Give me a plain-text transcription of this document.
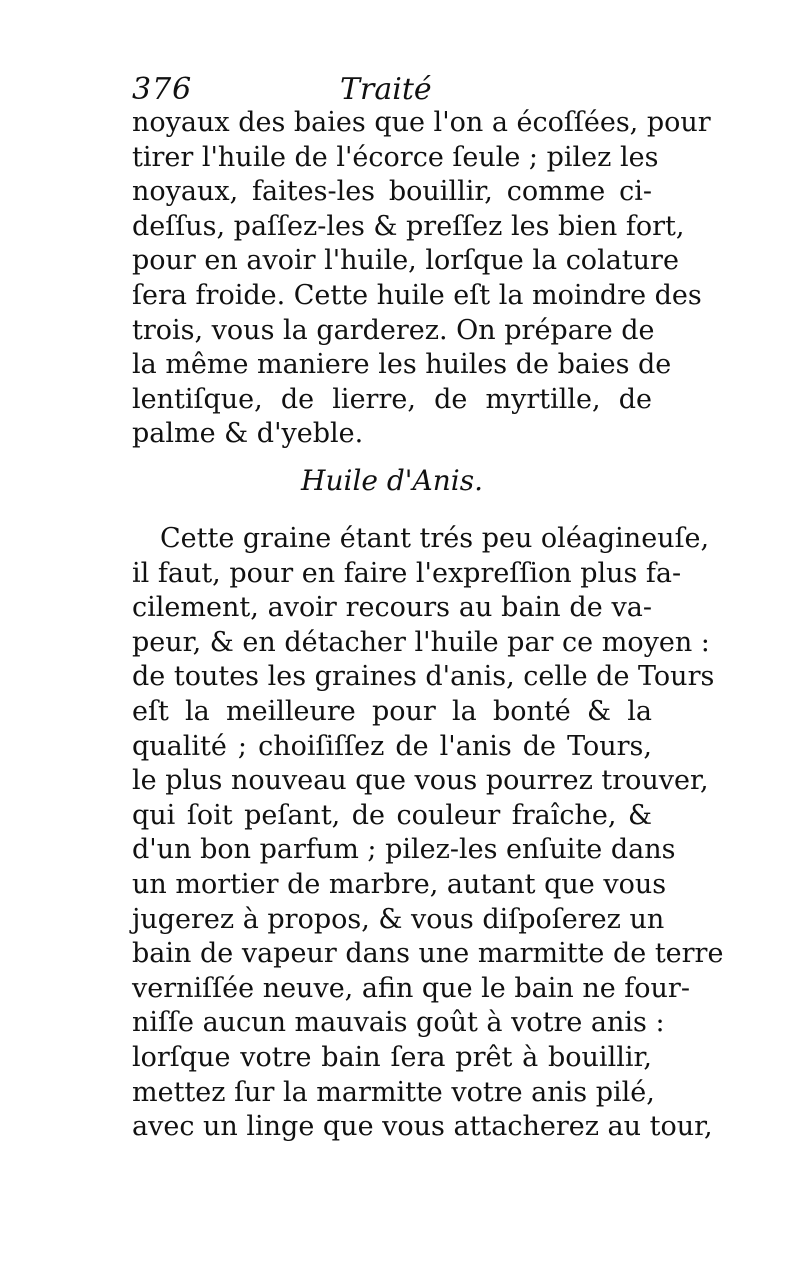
376	Traité
noyaux des baies que l'on a écoſſées, pour
tirer l'huile de l'écorce ſeule ; pilez les
noyaux, faites-les bouillir, comme ci-
deſſus, paſſez-les & preſſez les bien fort,
pour en avoir l'huile, lorſque la colature
ſera froide. Cette huile eſt la moindre des
trois, vous la garderez. On prépare de
la même maniere les huiles de baies de
lentiſque, de lierre, de myrtille, de
palme & d'yeble.
Huile d'Anis.
Cette graine étant trés peu oléagineuſe,
il faut, pour en faire l'expreſſion plus fa-
cilement, avoir recours au bain de va-
peur, & en détacher l'huile par ce moyen :
de toutes les graines d'anis, celle de Tours
eſt la meilleure pour la bonté & la
qualité ; choiſiſſez de l'anis de Tours,
le plus nouveau que vous pourrez trouver,
qui ſoit peſant, de couleur fraîche, &
d'un bon parfum ; pilez-les enſuite dans
un mortier de marbre, autant que vous
jugerez à propos, & vous diſpoſerez un
bain de vapeur dans une marmitte de terre
verniſſée neuve, afin que le bain ne four-
niſſe aucun mauvais goût à votre anis :
lorſque votre bain ſera prêt à bouillir,
mettez ſur la marmitte votre anis pilé,
avec un linge que vous attacherez au tour,
